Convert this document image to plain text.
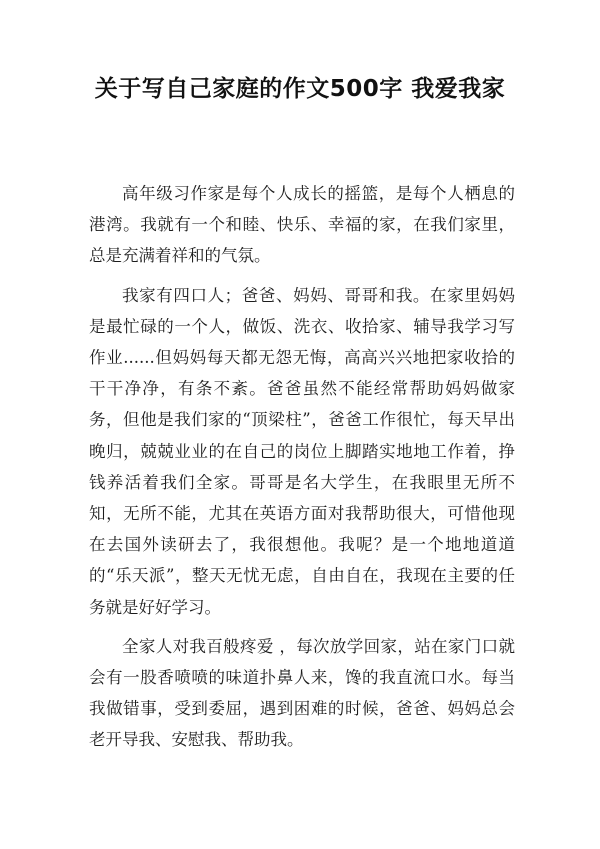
关于写自己家庭的作文500字 我爱我家

高年级习作家是每个人成长的摇篮，是每个人栖息的港湾。我就有一个和睦、快乐、幸福的家，在我们家里，总是充满着祥和的气氛。

我家有四口人；爸爸、妈妈、哥哥和我。在家里妈妈是最忙碌的一个人，做饭、洗衣、收拾家、辅导我学习写作业......但妈妈每天都无怨无悔，高高兴兴地把家收拾的干干净净，有条不紊。爸爸虽然不能经常帮助妈妈做家务，但他是我们家的“顶梁柱”，爸爸工作很忙，每天早出晚归，兢兢业业的在自己的岗位上脚踏实地地工作着，挣钱养活着我们全家。哥哥是名大学生，在我眼里无所不知，无所不能，尤其在英语方面对我帮助很大，可惜他现在去国外读研去了，我很想他。我呢？是一个地地道道的“乐天派”，整天无忧无虑，自由自在，我现在主要的任务就是好好学习。

全家人对我百般疼爱 ，每次放学回家，站在家门口就会有一股香喷喷的味道扑鼻人来，馋的我直流口水。每当我做错事，受到委屈，遇到困难的时候，爸爸、妈妈总会老开导我、安慰我、帮助我。
